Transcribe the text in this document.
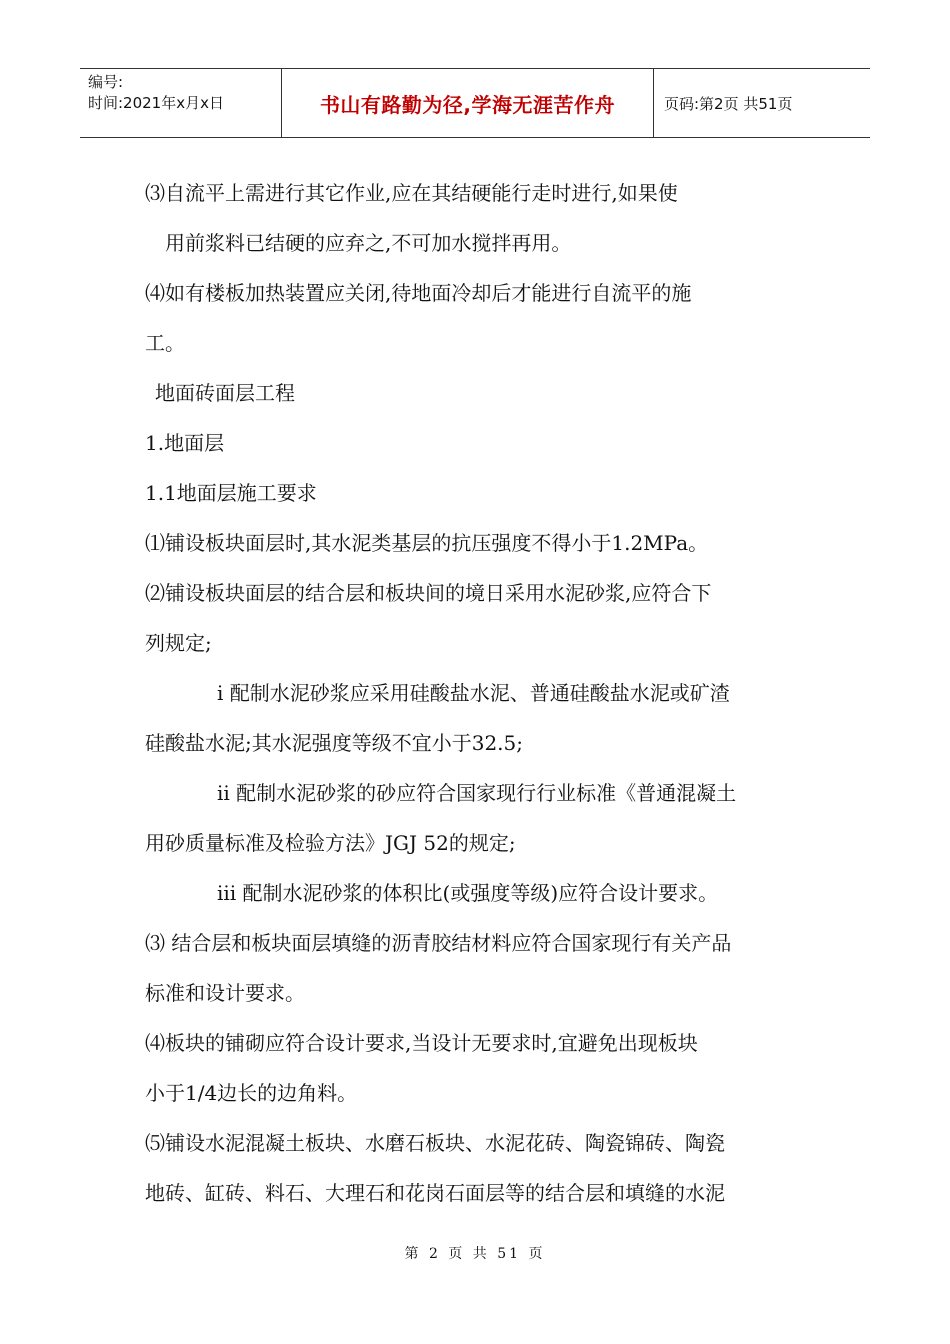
编号:
时间:2021年x月x日	书山有路勤为径,学海无涯苦作舟	页码:第2页 共51页

⑶自流平上需进行其它作业,应在其结硬能行走时进行,如果使

用前浆料已结硬的应弃之,不可加水搅拌再用。

⑷如有楼板加热装置应关闭,待地面冷却后才能进行自流平的施

工。

地面砖面层工程

1.地面层

1.1地面层施工要求

⑴铺设板块面层时,其水泥类基层的抗压强度不得小于1.2MPa。

⑵铺设板块面层的结合层和板块间的境日采用水泥砂浆,应符合下

列规定;

ⅰ 配制水泥砂浆应采用硅酸盐水泥、普通硅酸盐水泥或矿渣

硅酸盐水泥;其水泥强度等级不宜小于32.5;

ⅱ 配制水泥砂浆的砂应符合国家现行行业标准《普通混凝土

用砂质量标准及检验方法》JGJ 52的规定;

ⅲ 配制水泥砂浆的体积比(或强度等级)应符合设计要求。

⑶ 结合层和板块面层填缝的沥青胶结材料应符合国家现行有关产品

标准和设计要求。

⑷板块的铺砌应符合设计要求,当设计无要求时,宜避免出现板块

小于1/4边长的边角料。

⑸铺设水泥混凝土板块、水磨石板块、水泥花砖、陶瓷锦砖、陶瓷

地砖、缸砖、料石、大理石和花岗石面层等的结合层和填缝的水泥

第 2 页 共 51 页
